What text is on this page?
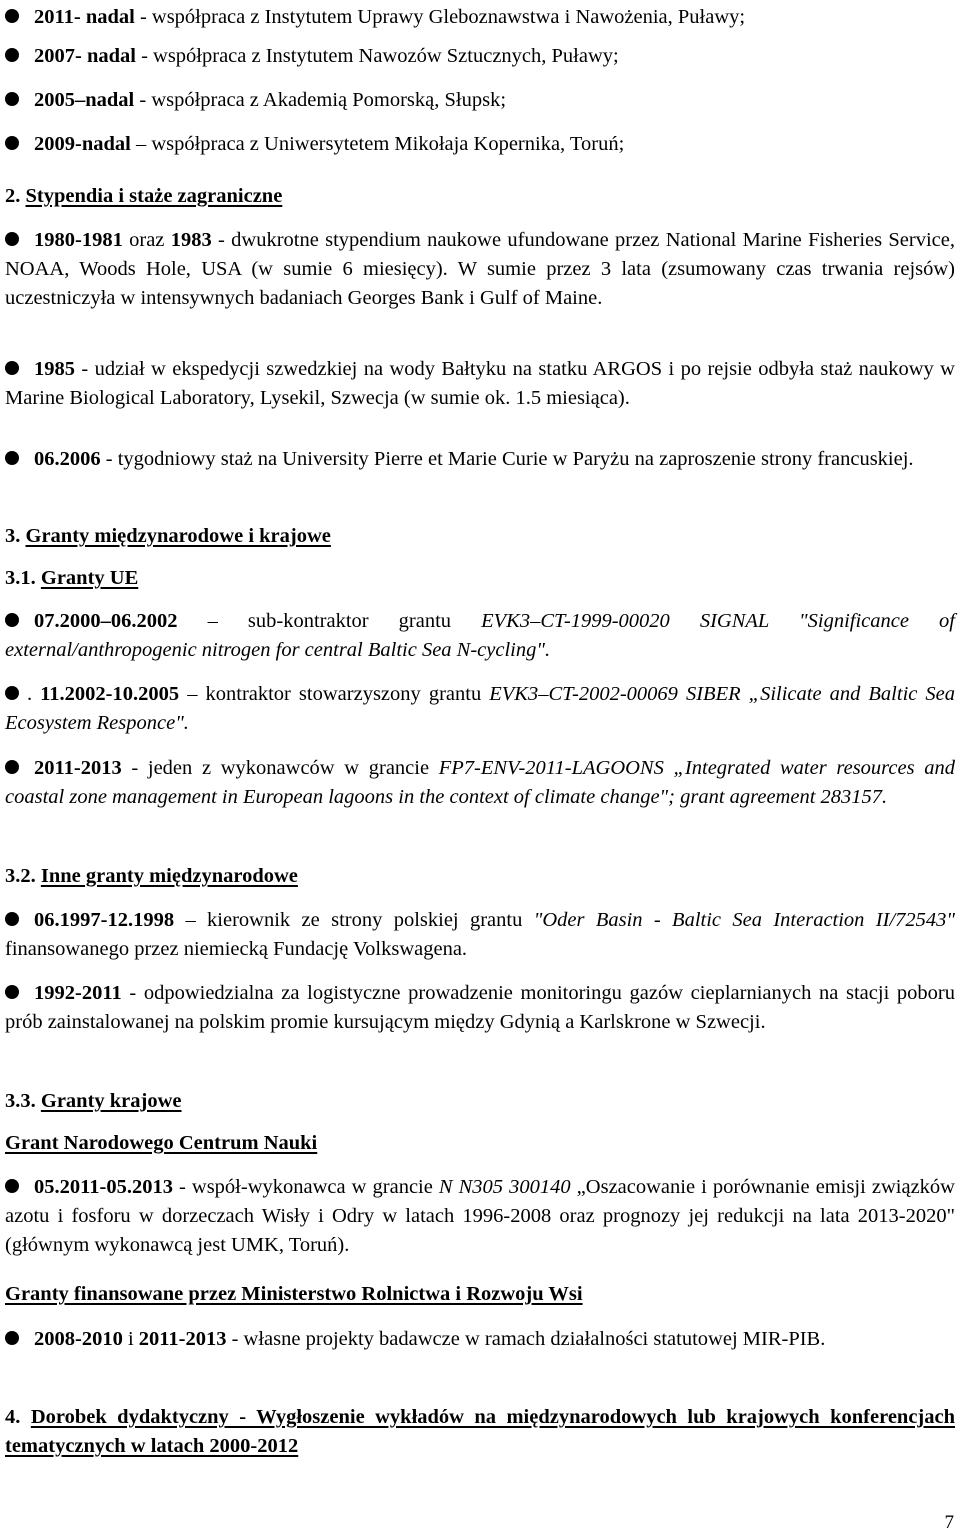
2011- nadal - współpraca z Instytutem Uprawy Gleboznawstwa i Nawożenia, Puławy;
2007- nadal - współpraca z Instytutem Nawozów Sztucznych, Puławy;
2005–nadal - współpraca z Akademią Pomorską, Słupsk;
2009-nadal – współpraca z Uniwersytetem Mikołaja Kopernika, Toruń;
2. Stypendia i staże zagraniczne
1980-1981 oraz 1983 - dwukrotne stypendium naukowe ufundowane przez National Marine Fisheries Service, NOAA, Woods Hole, USA (w sumie 6 miesięcy). W sumie przez 3 lata (zsumowany czas trwania rejsów) uczestniczyła w intensywnych badaniach Georges Bank i Gulf of Maine.
1985 - udział w ekspedycji szwedzkiej na wody Bałtyku na statku ARGOS i po rejsie odbyła staż naukowy w Marine Biological Laboratory, Lysekil, Szwecja (w sumie ok. 1.5 miesiąca).
06.2006 - tygodniowy staż na University Pierre et Marie Curie w Paryżu na zaproszenie strony francuskiej.
3. Granty międzynarodowe i krajowe
3.1. Granty UE
07.2000–06.2002 – sub-kontraktor grantu EVK3–CT-1999-00020 SIGNAL "Significance of external/anthropogenic nitrogen for central Baltic Sea N-cycling".
. 11.2002-10.2005 – kontraktor stowarzyszony grantu EVK3–CT-2002-00069 SIBER „Silicate and Baltic Sea Ecosystem Responce".
2011-2013 - jeden z wykonawców w grancie FP7-ENV-2011-LAGOONS „Integrated water resources and coastal zone management in European lagoons in the context of climate change"; grant agreement 283157.
3.2. Inne granty międzynarodowe
06.1997-12.1998 – kierownik ze strony polskiej grantu "Oder Basin - Baltic Sea Interaction II/72543" finansowanego przez niemiecką Fundację Volkswagena.
1992-2011 - odpowiedzialna za logistyczne prowadzenie monitoringu gazów cieplarnianych na stacji poboru prób zainstalowanej na polskim promie kursującym między Gdynią a Karlskrone w Szwecji.
3.3. Granty krajowe
Grant Narodowego Centrum Nauki
05.2011-05.2013 - współ-wykonawca w grancie N N305 300140 „Oszacowanie i porównanie emisji związków azotu i fosforu w dorzeczach Wisły i Odry w latach 1996-2008 oraz prognozy jej redukcji na lata 2013-2020" (głównym wykonawcą jest UMK, Toruń).
Granty finansowane przez Ministerstwo Rolnictwa i Rozwoju Wsi
2008-2010 i 2011-2013 - własne projekty badawcze w ramach działalności statutowej MIR-PIB.
4. Dorobek dydaktyczny - Wygłoszenie wykładów na międzynarodowych lub krajowych konferencjach tematycznych w latach 2000-2012
7
